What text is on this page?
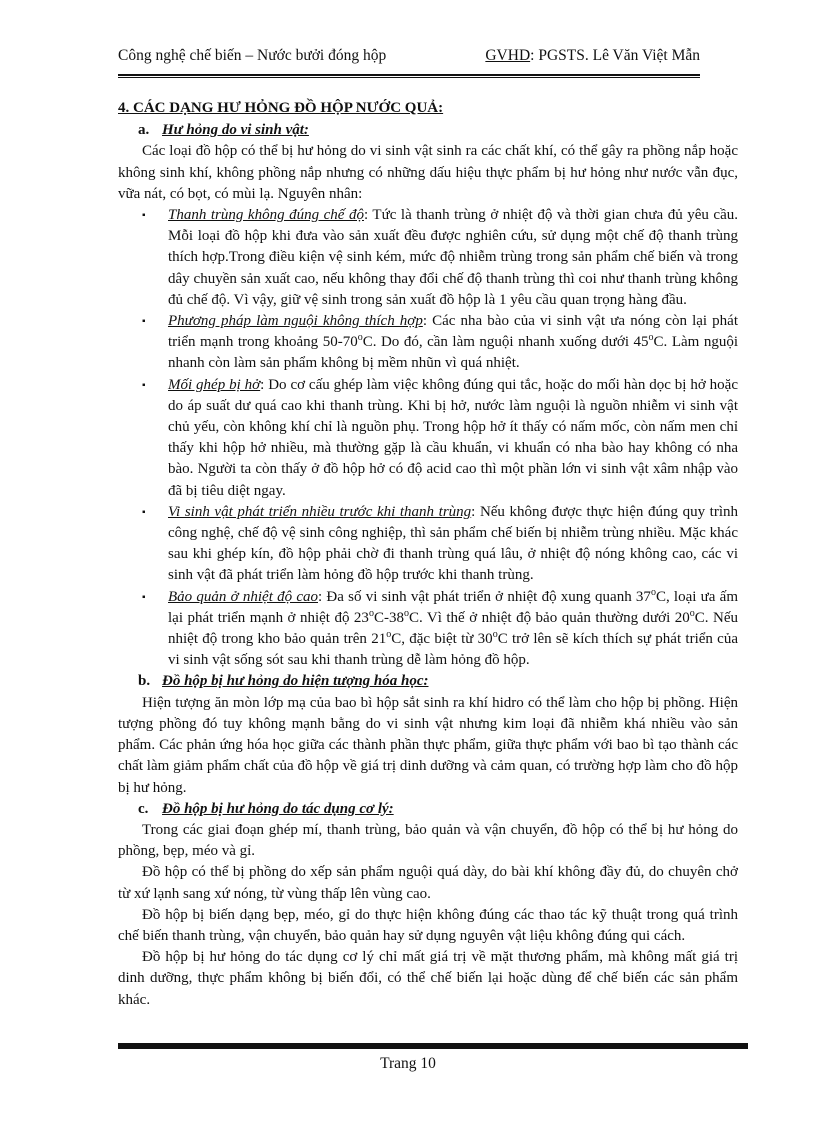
Công nghệ chế biến – Nước bưởi đóng hộp	GVHD: PGSTS. Lê Văn Việt Mẫn

4. CÁC DẠNG HƯ HỎNG ĐỒ HỘP NƯỚC QUẢ:

a. Hư hỏng do vi sinh vật:

Các loại đồ hộp có thể bị hư hỏng do vi sinh vật sinh ra các chất khí, có thể gây ra phồng nắp hoặc không sinh khí, không phồng nắp nhưng có những dấu hiệu thực phẩm bị hư hỏng như nước vẫn đục, vữa nát, có bọt, có mùi lạ. Nguyên nhân:

▪ Thanh trùng không đúng chế độ: Tức là thanh trùng ở nhiệt độ và thời gian chưa đủ yêu cầu. Mỗi loại đồ hộp khi đưa vào sản xuất đều được nghiên cứu, sử dụng một chế độ thanh trùng thích hợp.Trong điều kiện vệ sinh kém, mức độ nhiễm trùng trong sản phẩm chế biến và trong dây chuyền sản xuất cao, nếu không thay đổi chế độ thanh trùng thì coi như thanh trùng không đủ chế độ. Vì vậy, giữ vệ sinh trong sản xuất đồ hộp là 1 yêu cầu quan trọng hàng đầu.
▪ Phương pháp làm nguội không thích hợp: Các nha bào của vi sinh vật ưa nóng còn lại phát triển mạnh trong khoảng 50-70$^o$C. Do đó, cần làm nguội nhanh xuống dưới 45$^o$C. Làm nguội nhanh còn làm sản phẩm không bị mềm nhũn vì quá nhiệt.
▪ Mối ghép bị hở: Do cơ cấu ghép làm việc không đúng qui tắc, hoặc do mối hàn dọc bị hở hoặc do áp suất dư quá cao khi thanh trùng. Khi bị hở, nước làm nguội là nguồn nhiễm vi sinh vật chủ yếu, còn không khí chỉ là nguồn phụ. Trong hộp hở ít thấy có nấm mốc, còn nấm men chỉ thấy khi hộp hở nhiều, mà thường gặp là cầu khuẩn, vi khuẩn có nha bào hay không có nha bào. Người ta còn thấy ở đồ hộp hở có độ acid cao thì một phần lớn vi sinh vật xâm nhập vào đã bị tiêu diệt ngay.
▪ Vi sinh vật phát triển nhiều trước khi thanh trùng: Nếu không được thực hiện đúng quy trình công nghệ, chế độ vệ sinh công nghiệp, thì sản phẩm chế biến bị nhiễm trùng nhiều. Mặc khác sau khi ghép kín, đồ hộp phải chờ đi thanh trùng quá lâu, ở nhiệt độ nóng không cao, các vi sinh vật đã phát triển làm hỏng đồ hộp trước khi thanh trùng.
▪ Bảo quản ở nhiệt độ cao: Đa số vi sinh vật phát triển ở nhiệt độ xung quanh 37$^o$C, loại ưa ấm lại phát triển mạnh ở nhiệt độ 23$^o$C-38$^o$C. Vì thế ở nhiệt độ bảo quản thường dưới 20$^o$C. Nếu nhiệt độ trong kho bảo quản trên 21$^o$C, đặc biệt từ 30$^o$C trở lên sẽ kích thích sự phát triển của vi sinh vật sống sót sau khi thanh trùng dễ làm hỏng đồ hộp.

b. Đồ hộp bị hư hỏng do hiện tượng hóa học:

Hiện tượng ăn mòn lớp mạ của bao bì hộp sắt sinh ra khí hidro có thể làm cho hộp bị phồng. Hiện tượng phồng đó tuy không mạnh bằng do vi sinh vật nhưng kim loại đã nhiễm khá nhiều vào sản phẩm. Các phản ứng hóa học giữa các thành phần thực phẩm, giữa thực phẩm với bao bì tạo thành các chất làm giảm phẩm chất của đồ hộp về giá trị dinh dưỡng và cảm quan, có trường hợp làm cho đồ hộp bị hư hỏng.

c. Đồ hộp bị hư hỏng do tác dụng cơ lý:

Trong các giai đoạn ghép mí, thanh trùng, bảo quản và vận chuyển, đồ hộp có thể bị hư hỏng do phồng, bẹp, méo và gỉ.

Đồ hộp có thể bị phồng do xếp sản phẩm nguội quá dày, do bài khí không đầy đủ, do chuyên chở từ xứ lạnh sang xứ nóng, từ vùng thấp lên vùng cao.

Đồ hộp bị biến dạng bẹp, méo, gỉ do thực hiện không đúng các thao tác kỹ thuật trong quá trình chế biến thanh trùng, vận chuyển, bảo quản hay sử dụng nguyên vật liệu không đúng qui cách.

Đồ hộp bị hư hỏng do tác dụng cơ lý chỉ mất giá trị về mặt thương phẩm, mà không mất giá trị dinh dưỡng, thực phẩm không bị biến đổi, có thể chế biến lại hoặc dùng để chế biến các sản phẩm khác.

Trang 10
